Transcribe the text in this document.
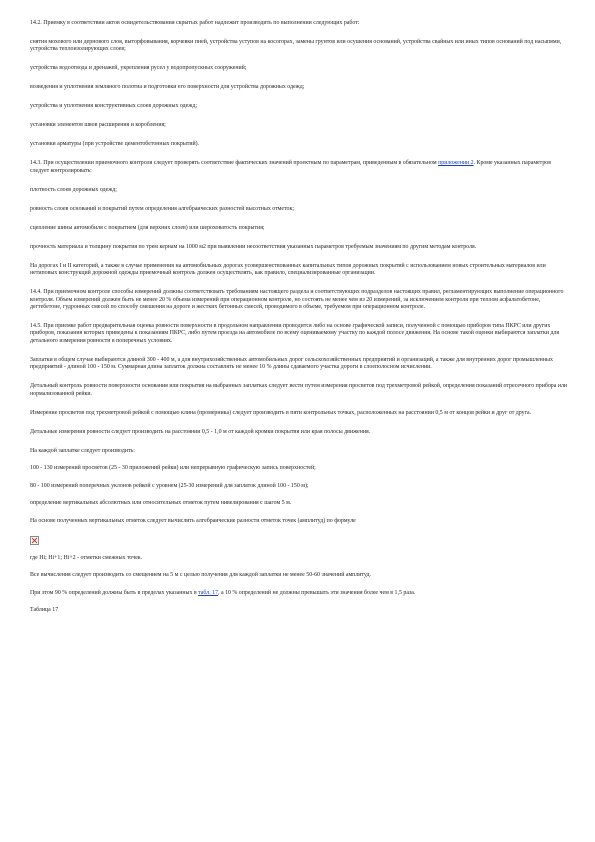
14.2. Приемку в соответствии актов освидетельствования скрытых работ надлежит производить по выполнении следующих работ:

снятия мохового или дернового слоя, выторфовывания, корчевки пней, устройства уступов на косогорах, замены грунтов или осушения оснований, устройства свайных или иных типов оснований под насыпями, устройства теплоизолирующих слоев;

устройства водоотвода и дренажей, укрепления русел у водопропускных сооружений;

возведения и уплотнения земляного полотна и подготовки его поверхности для устройства дорожных одежд;

устройства и уплотнения конструктивных слоев дорожных одежд;

установки элементов швов расширения и коробления;

установки арматуры (при устройстве цементобетонных покрытий).

14.3. При осуществлении приемочного контроля следует проверять соответствие фактических значений проектным по параметрам, приведенным в обязательном приложении 2. Кроме указанных параметров следует контролировать:

плотность слоев дорожных одежд;

ровность слоев оснований и покрытий путем определения алгебраических разностей высотных отметок;

сцепление шины автомобиля с покрытием (для верхних слоев) или шероховатость покрытия;

прочность материала и толщину покрытия по трем кернам на 1000 м2 при выявлении несоответствия указанных параметров требуемым значениям по другим методам контроля.

На дорогах I и II категорий, а также в случае применения на автомобильных дорогах усовершенствованных капитальных типов дорожных покрытий с использованием новых строительных материалов или нетиповых конструкций дорожной одежды приемочный контроль должен осуществлять, как правило, специализированные организации.

14.4. При приемочном контроле способы измерений должны соответствовать требованиям настоящего раздела и соответствующих подразделов настоящих правил, регламентирующих выполнение операционного контроля. Объем измерений должен быть не менее 20 % объема измерений при операционном контроле, но состоять не менее чем из 20 измерений, за исключением контроля при теплом асфальтобетоне, дегтебетоне, гудронных смесей по способу смешения на дороге и жестких бетонных смесей, проводимого в объеме, требуемом при операционном контроле.

14.5. При приемке работ предварительная оценка ровности поверхности в продольном направлении проводится либо на основе графической записи, полученной с помощью приборов типа ПКРС или других приборов, показания которых приведены к показаниям ПКРС, либо путем проезда на автомобиле по всему оцениваемому участку по каждой полосе движения. На основе такой оценки выбираются заплатки для детального измерения ровности в поперечных условиях.

Заплатки в общем случае выбираются длиной 300 - 400 м, а для внутрихозяйственных автомобильных дорог сельскохозяйственных предприятий и организаций, а также для внутренних дорог промышленных предприятий - длиной 100 - 150 м. Суммарная длина заплаток должна составлять не менее 10 % длины сдаваемого участка дороги в слоеполосном исчислении.

Детальный контроль ровности поверхности основания или покрытия на выбранных заплатках следует вести путем измерения просветов под трехметровой рейкой, определения показаний отресечного прибора или нормализованной рейки.

Измерение просветов под трехметровой рейкой с помощью клина (промерника) следует производить в пяти контрольных точках, расположенных на расстоянии 0,5 м от концов рейки и друг от друга.

Детальные измерения ровности следует производить на расстоянии 0,5 - 1,0 м от каждой кромки покрытия или края полосы движения.

На каждой заплатке следует производить:

100 - 130 измерений просветов (25 - 30 приложений рейки) или непрерывную графическую запись поверхностей;

80 - 100 измерений поперечных уклонов рейкой с уровнем (25-30 измерений для заплаток длиной 100 - 150 м);

определение вертикальных абсолютных или относительных отметок путем нивелирования с шагом 5 м.

На основе полученных вертикальных отметок следует вычислить алгебраические разности отметок точек (амплитуд) по формуле

где Hi; Hi+1; Hi+2 - отметки смежных точек.

Все вычисления следует производить со смещением на 5 м с целью получения для каждой заплатки не менее 50-60 значений амплитуд.

При этом 90 % определений должны быть в пределах указанных в табл. 17, а 10 % определений не должны превышать эти значения более чем в 1,5 раза.

Таблица 17
